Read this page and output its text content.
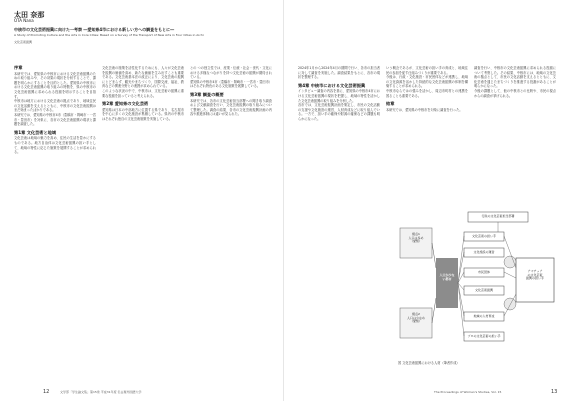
太田 奈那
OTA Nana
中核市の文化芸術振興に向けた一考察 ―愛知県4市における新しい方への調査をもとに―
A Study of Promoting Culture and the Arts in Core Cities: Based on a Survey of the Transport of New Arts in Four Cities in Aichi
文化芸術振興
序章

本研究では、愛知県の中核市における文化芸術振興のための取り組みや、その効果の現状を分析することで、課題を明らかにすることを目的とした。愛知県の中核市における文化芸術振興の取り組みの特徴を、県の中核市の文化芸術振興に求められる役割を明示することを目指す。

中核市は地方における文化芸術の拠点であり、地域住民の文化活動を支えるとともに、中核市の文化芸術振興はまだ始まったばかりである。

本研究では、愛知県の中核市4市（豊橋市・岡崎市・一宮市・豊田市）を対象に、各市の文化芸術振興の現状と課題を調査した。

第1章 文化芸術と地域

文化芸術は地域の魅力を高め、住民の生活を豊かにするものである。地方自治体は文化芸術振興の担い手として、地域の特性に応じた施策を展開することが求められる。

文化芸術の施策を活性化するためにも、人々が文化芸術を振興の価値を高め、新たな価値を生み出すことも重要である。文化芸術基本法の改正により、文化芸術の振興にとどまらず、観光やまちづくり、国際交流、福祉、教育などの関連分野との連携が求められている。

このような状況の中で、中核市は、文化芸術の振興に重要な役割を担っていると考えられる。

第2章 愛知県の文化芸術

愛知県は日本の中部地方に位置する県であり、名古屋市を中心に多くの文化施設が集積している。県内の中核市はそれぞれ独自の文化芸術施策を実施している。

との つの独立性では、産業・伝統・社会・世代・文化における多様なつながりを持つ文化芸術の振興が期待されている。

愛知県の中核市4市（豊橋市・岡崎市・一宮市・豊田市）はそれぞれ特色のある文化施策を展開している。

第3章 調査の概要

本研究では、各市の文化芸術担当部署への聞き取り調査および文献調査を行い、文化芸術振興の取り組みについて整理した。調査の結果、各市の文化芸術振興計画の内容や推進体制には違いが見られた。

文学部「学生論文集」第15巻 平成31年度 名古屋外国語大学
12

2024年1月から2024年4月の期間で行い、各市の担当者に対して調査を実施した。調査結果をもとに、各市の現状を整理する。

第4章 中核市における文化芸術振興

インタビュー調査の内容を基に、愛知県の中核市4市における文化芸術振興の現状を把握し、地域の特性を活かした文化芸術振興の取り組みを分析した。

各市では、文化芸術振興計画を策定し、市民の文化活動の支援や文化施設の運営、人材育成などに取り組んでいる。一方で、担い手の確保や財源の確保などの課題も明らかになった。

いう概念であるが、文化芸術の担い手の育成と、地域住民の参加を促す仕組みづくりが重要である。

今後は、行政・文化施設・市民団体などが連携し、地域の文化資源を活かした持続的な文化芸術振興の体制を構築することが求められる。

中核市ならではの強みを活かし、周辺市町村との連携を図ることも重要である。

結章

本研究では、愛知県の中核市を対象に調査を行った。

調査を行い、中核市の文化芸術振興に求められる役割について考察した。その結果、中核市には、地域の文化芸術の拠点として、市民の文化活動を支えるとともに、文化芸術を通じたまちづくりを推進する役割があることが明らかになった。

今後の課題として、他の中核市との比較や、市民の視点からの調査が挙げられる。

The Proceedings of Women's Studies, Vol. 15	13
視点1
人口は多め
（愛知）
視点2
人口は少なめ
（愛知）
人口が少な
い都市
行政の文化芸術担当部署
文化芸術の担い手
文化施設の運営
市民団体
文化芸術振興
地域の人材育成
プロの文化芸術の担い手
アマチュア
の文化芸術
振興の担い手
図 文化芸術振興における人材（筆者作成）
